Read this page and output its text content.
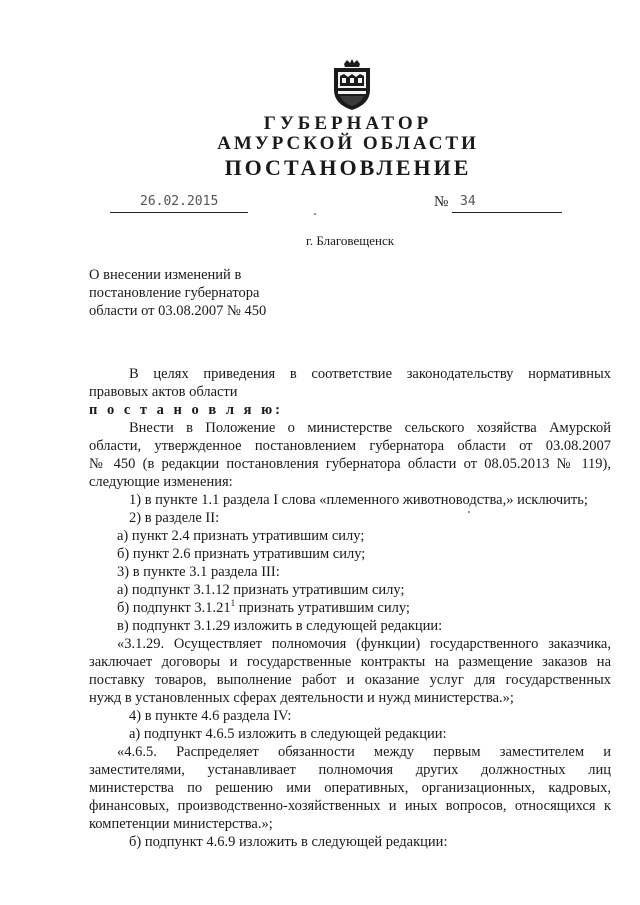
ГУБЕРНАТОР
АМУРСКОЙ ОБЛАСТИ
ПОСТАНОВЛЕНИЕ
26.02.2015	№ 34
г. Благовещенск
О внесении изменений в
постановление губернатора
области от 03.08.2007 № 450
В целях приведения в соответствие законодательству нормативных
правовых актов области
п о с т а н о в л я ю:
Внести в Положение о министерстве сельского хозяйства Амурской
области, утвержденное постановлением губернатора области от 03.08.2007
№ 450 (в редакции постановления губернатора области от 08.05.2013 № 119),
следующие изменения:
1) в пункте 1.1 раздела I слова «племенного животноводства,» исключить;
2) в разделе II:
а) пункт 2.4 признать утратившим силу;
б) пункт 2.6 признать утратившим силу;
3) в пункте 3.1 раздела III:
а) подпункт 3.1.12 признать утратившим силу;
б) подпункт 3.1.21$^1$ признать утратившим силу;
в) подпункт 3.1.29 изложить в следующей редакции:
«3.1.29. Осуществляет полномочия (функции) государственного заказчика,
заключает договоры и государственные контракты на размещение заказов на
поставку товаров, выполнение работ и оказание услуг для государственных
нужд в установленных сферах деятельности и нужд министерства.»;
4) в пункте 4.6 раздела IV:
а) подпункт 4.6.5 изложить в следующей редакции:
«4.6.5. Распределяет обязанности между первым заместителем и
заместителями, устанавливает полномочия других должностных лиц
министерства по решению ими оперативных, организационных, кадровых,
финансовых, производственно-хозяйственных и иных вопросов, относящихся к
компетенции министерства.»;
б) подпункт 4.6.9 изложить в следующей редакции:
